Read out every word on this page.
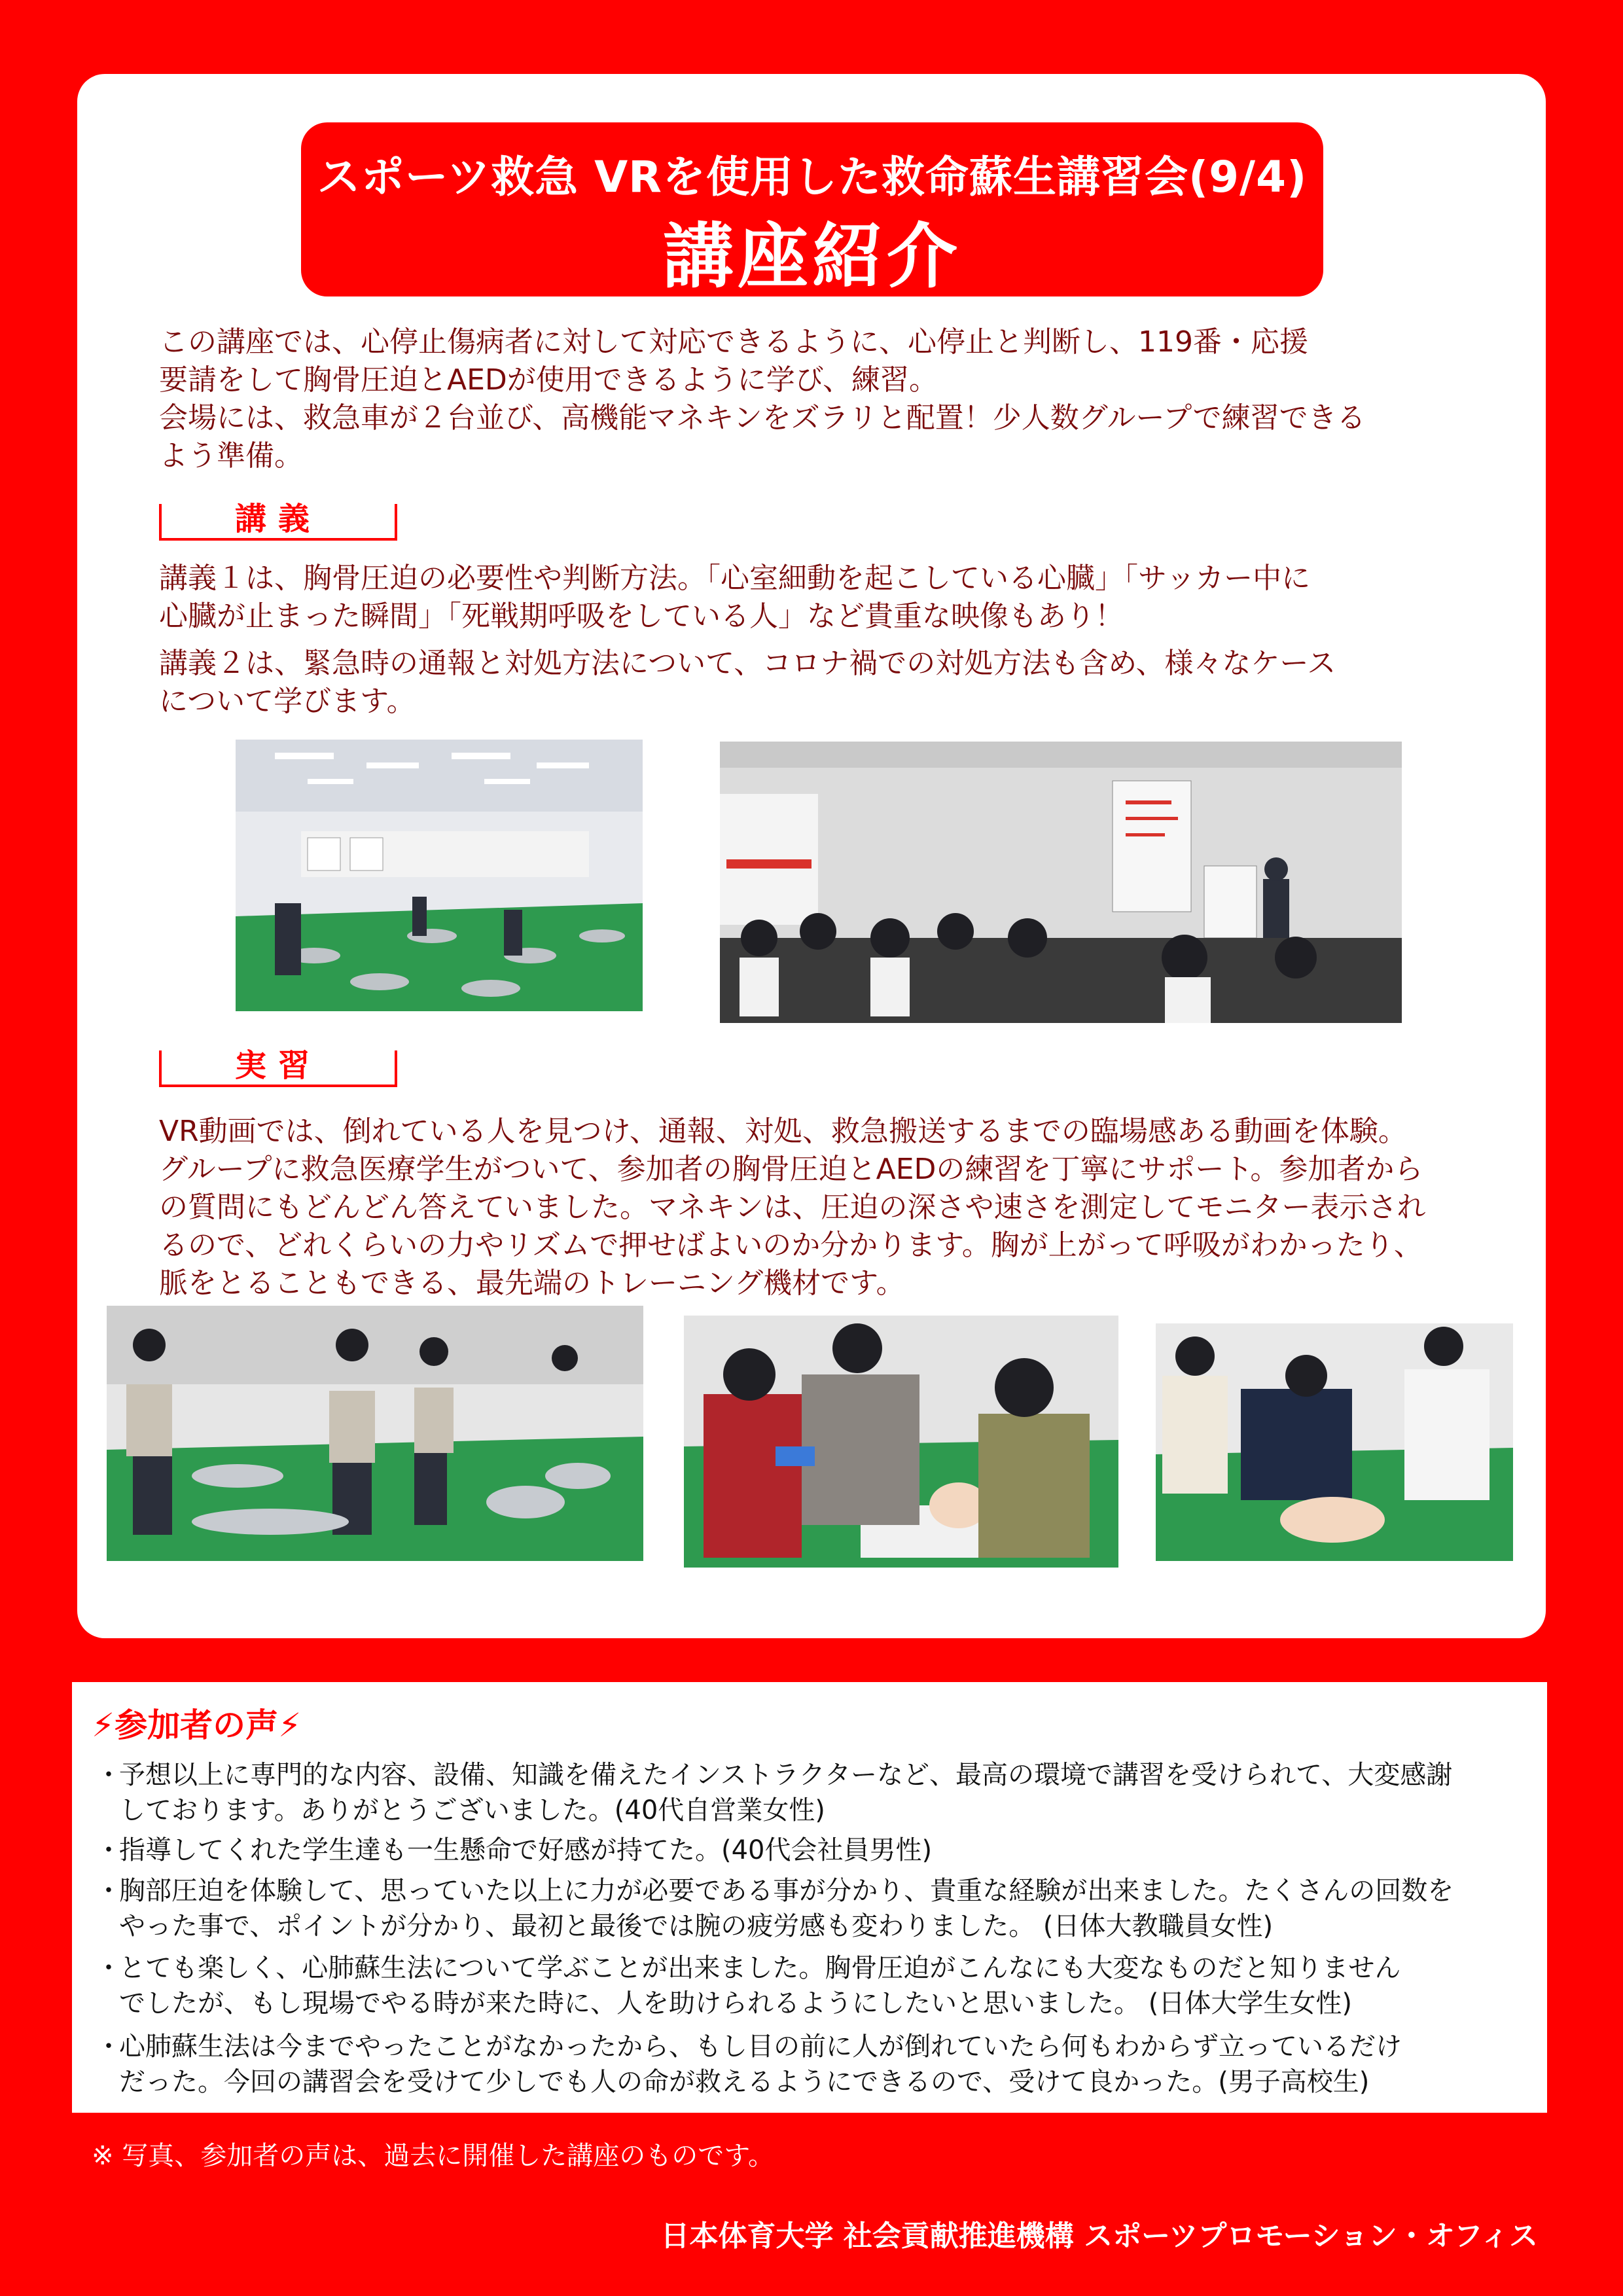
スポーツ救急 VRを使用した救命蘇生講習会(9/4)
講座紹介
この講座では、心停止傷病者に対して対応できるように、心停止と判断し、119番・応援
要請をして胸骨圧迫とAEDが使用できるように学び、練習。
会場には、救急車が２台並び、高機能マネキンをズラリと配置！少人数グループで練習できる
よう準備。
講義
講義１は、胸骨圧迫の必要性や判断方法。「心室細動を起こしている心臓」「サッカー中に
心臓が止まった瞬間」「死戦期呼吸をしている人」など貴重な映像もあり！
講義２は、緊急時の通報と対処方法について、コロナ禍での対処方法も含め、様々なケース
について学びます。
実習
VR動画では、倒れている人を見つけ、通報、対処、救急搬送するまでの臨場感ある動画を体験。
グループに救急医療学生がついて、参加者の胸骨圧迫とAEDの練習を丁寧にサポート。参加者から
の質問にもどんどん答えていました。マネキンは、圧迫の深さや速さを測定してモニター表示され
るので、どれくらいの力やリズムで押せばよいのか分かります。胸が上がって呼吸がわかったり、
脈をとることもできる、最先端のトレーニング機材です。
⚡参加者の声⚡
・
予想以上に専門的な内容、設備、知識を備えたインストラクターなど、最高の環境で講習を受けられて、大変感謝
しております。ありがとうございました。(40代自営業女性)
・
指導してくれた学生達も一生懸命で好感が持てた。(40代会社員男性)
・
胸部圧迫を体験して、思っていた以上に力が必要である事が分かり、貴重な経験が出来ました。たくさんの回数を
やった事で、ポイントが分かり、最初と最後では腕の疲労感も変わりました。 (日体大教職員女性)
・
とても楽しく、心肺蘇生法について学ぶことが出来ました。胸骨圧迫がこんなにも大変なものだと知りません
でしたが、もし現場でやる時が来た時に、人を助けられるようにしたいと思いました。 (日体大学生女性)
・
心肺蘇生法は今までやったことがなかったから、もし目の前に人が倒れていたら何もわからず立っているだけ
だった。今回の講習会を受けて少しでも人の命が救えるようにできるので、受けて良かった。(男子高校生)
※ 写真、参加者の声は、過去に開催した講座のものです。
日本体育大学 社会貢献推進機構 スポーツプロモーション・オフィス
